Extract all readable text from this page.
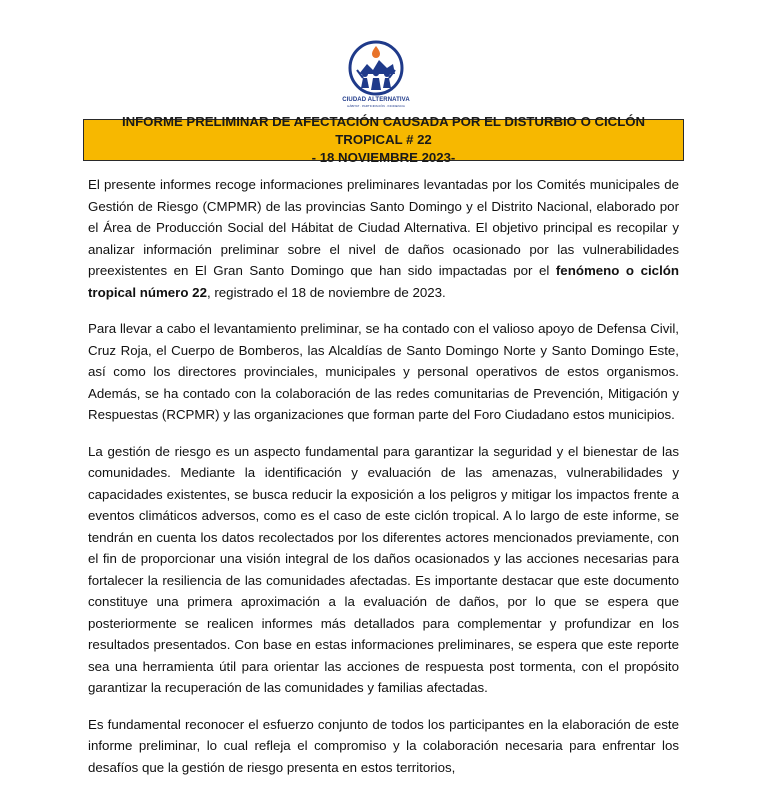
CIUDAD ALTERNATIVA
HÁBITAT · PARTICIPACIÓN · INCIDENCIA
INFORME PRELIMINAR DE AFECTACIÓN CAUSADA POR EL DISTURBIO O CICLÓN TROPICAL # 22
- 18 NOVIEMBRE 2023-

El presente informes recoge informaciones preliminares levantadas por los Comités municipales de Gestión de Riesgo (CMPMR) de las provincias Santo Domingo y el Distrito Nacional, elaborado por el Área de Producción Social del Hábitat de Ciudad Alternativa. El objetivo principal es recopilar y analizar información preliminar sobre el nivel de daños ocasionado por las vulnerabilidades preexistentes en El Gran Santo Domingo que han sido impactadas por el fenómeno o ciclón tropical número 22, registrado el 18 de noviembre de 2023.

Para llevar a cabo el levantamiento preliminar, se ha contado con el valioso apoyo de Defensa Civil, Cruz Roja, el Cuerpo de Bomberos, las Alcaldías de Santo Domingo Norte y Santo Domingo Este, así como los directores provinciales, municipales y personal operativos de estos organismos. Además, se ha contado con la colaboración de las redes comunitarias de Prevención, Mitigación y Respuestas (RCPMR) y las organizaciones que forman parte del Foro Ciudadano estos municipios.

La gestión de riesgo es un aspecto fundamental para garantizar la seguridad y el bienestar de las comunidades. Mediante la identificación y evaluación de las amenazas, vulnerabilidades y capacidades existentes, se busca reducir la exposición a los peligros y mitigar los impactos frente a eventos climáticos adversos, como es el caso de este ciclón tropical. A lo largo de este informe, se tendrán en cuenta los datos recolectados por los diferentes actores mencionados previamente, con el fin de proporcionar una visión integral de los daños ocasionados y las acciones necesarias para fortalecer la resiliencia de las comunidades afectadas. Es importante destacar que este documento constituye una primera aproximación a la evaluación de daños, por lo que se espera que posteriormente se realicen informes más detallados para complementar y profundizar en los resultados presentados. Con base en estas informaciones preliminares, se espera que este reporte sea una herramienta útil para orientar las acciones de respuesta post tormenta, con el propósito garantizar la recuperación de las comunidades y familias afectadas.

Es fundamental reconocer el esfuerzo conjunto de todos los participantes en la elaboración de este informe preliminar, lo cual refleja el compromiso y la colaboración necesaria para enfrentar los desafíos que la gestión de riesgo presenta en estos territorios,
